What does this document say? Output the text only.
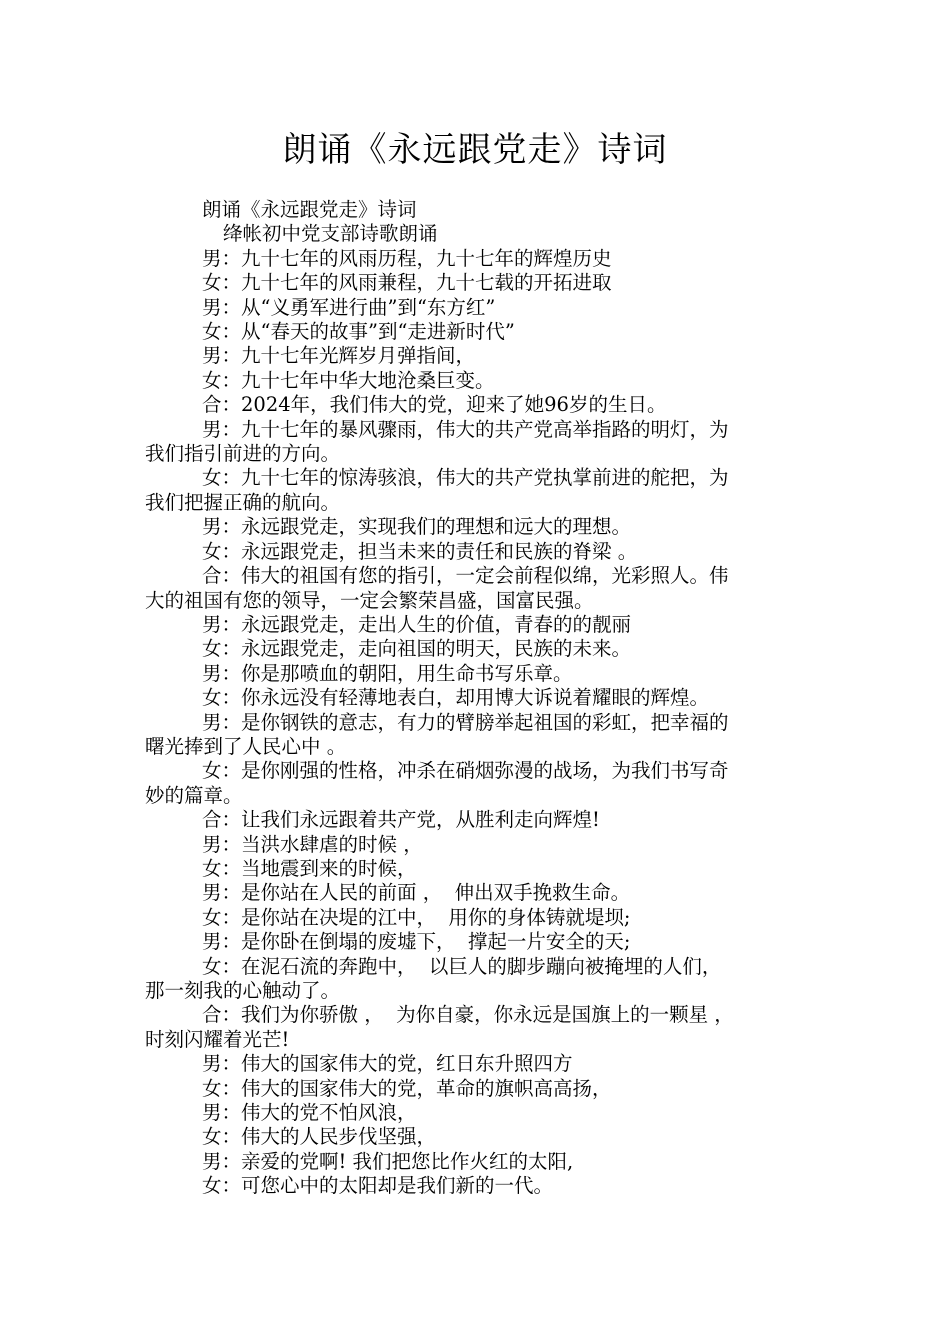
朗诵《永远跟党走》诗词
朗诵《永远跟党走》诗词
绛帐初中党支部诗歌朗诵
男：九十七年的风雨历程，九十七年的辉煌历史
女：九十七年的风雨兼程，九十七载的开拓进取
男：从“义勇军进行曲”到“东方红”
女：从“春天的故事”到“走进新时代”
男：九十七年光辉岁月弹指间，
女：九十七年中华大地沧桑巨变。
合：2024年，我们伟大的党，迎来了她96岁的生日。
男：九十七年的暴风骤雨，伟大的共产党高举指路的明灯，为
我们指引前进的方向。
女：九十七年的惊涛骇浪，伟大的共产党执掌前进的舵把，为
我们把握正确的航向。
男：永远跟党走，实现我们的理想和远大的理想。
女：永远跟党走，担当未来的责任和民族的脊梁 。
合：伟大的祖国有您的指引，一定会前程似绵，光彩照人。伟
大的祖国有您的领导，一定会繁荣昌盛，国富民强。
男：永远跟党走，走出人生的价值，青春的的靓丽
女：永远跟党走，走向祖国的明天，民族的未来。
男：你是那喷血的朝阳，用生命书写乐章。
女：你永远没有轻薄地表白，却用博大诉说着耀眼的辉煌。
男：是你钢铁的意志，有力的臂膀举起祖国的彩虹，把幸福的
曙光捧到了人民心中 。
女：是你刚强的性格，冲杀在硝烟弥漫的战场，为我们书写奇
妙的篇章。
合：让我们永远跟着共产党，从胜利走向辉煌!
男：当洪水肆虐的时候 ，
女：当地震到来的时候，
男：是你站在人民的前面 ，  伸出双手挽救生命。
女：是你站在决堤的江中，  用你的身体铸就堤坝;
男：是你卧在倒塌的废墟下，  撑起一片安全的天;
女：在泥石流的奔跑中，  以巨人的脚步蹦向被掩埋的人们，
那一刻我的心触动了。
合：我们为你骄傲 ，  为你自豪，你永远是国旗上的一颗星 ，
时刻闪耀着光芒!
男：伟大的国家伟大的党，红日东升照四方
女：伟大的国家伟大的党，革命的旗帜高高扬，
男：伟大的党不怕风浪，
女：伟大的人民步伐坚强，
男：亲爱的党啊! 我们把您比作火红的太阳,
女：可您心中的太阳却是我们新的一代。
